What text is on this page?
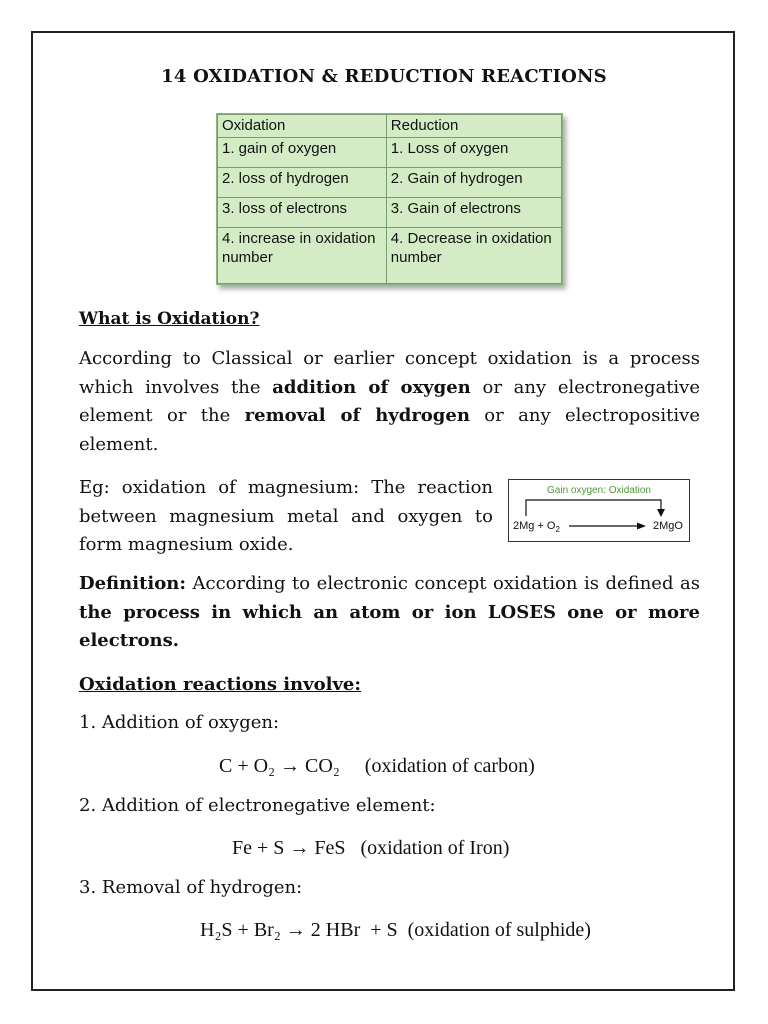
14 OXIDATION & REDUCTION REACTIONS
Oxidation	Reduction
1. gain of oxygen	1. Loss of oxygen
2. loss of hydrogen	2. Gain of hydrogen
3. loss of electrons	3. Gain of electrons
4. increase in oxidation number	4. Decrease in oxidation number
What is Oxidation?
According to Classical or earlier concept oxidation is a process which involves the addition of oxygen or any electronegative element or the removal of hydrogen or any electropositive element.
Eg: oxidation of magnesium: The reaction between magnesium metal and oxygen to form magnesium oxide.
Gain oxygen: Oxidation
$2Mg + O_2$	2MgO
Definition: According to electronic concept oxidation is defined as the process in which an atom or ion LOSES one or more electrons.
Oxidation reactions involve:
1. Addition of oxygen:
C + O₂ → CO₂     (oxidation of carbon)
2. Addition of electronegative element:
Fe + S → FeS   (oxidation of Iron)
3. Removal of hydrogen:
H₂S + Br₂ → 2 HBr  + S  (oxidation of sulphide)
